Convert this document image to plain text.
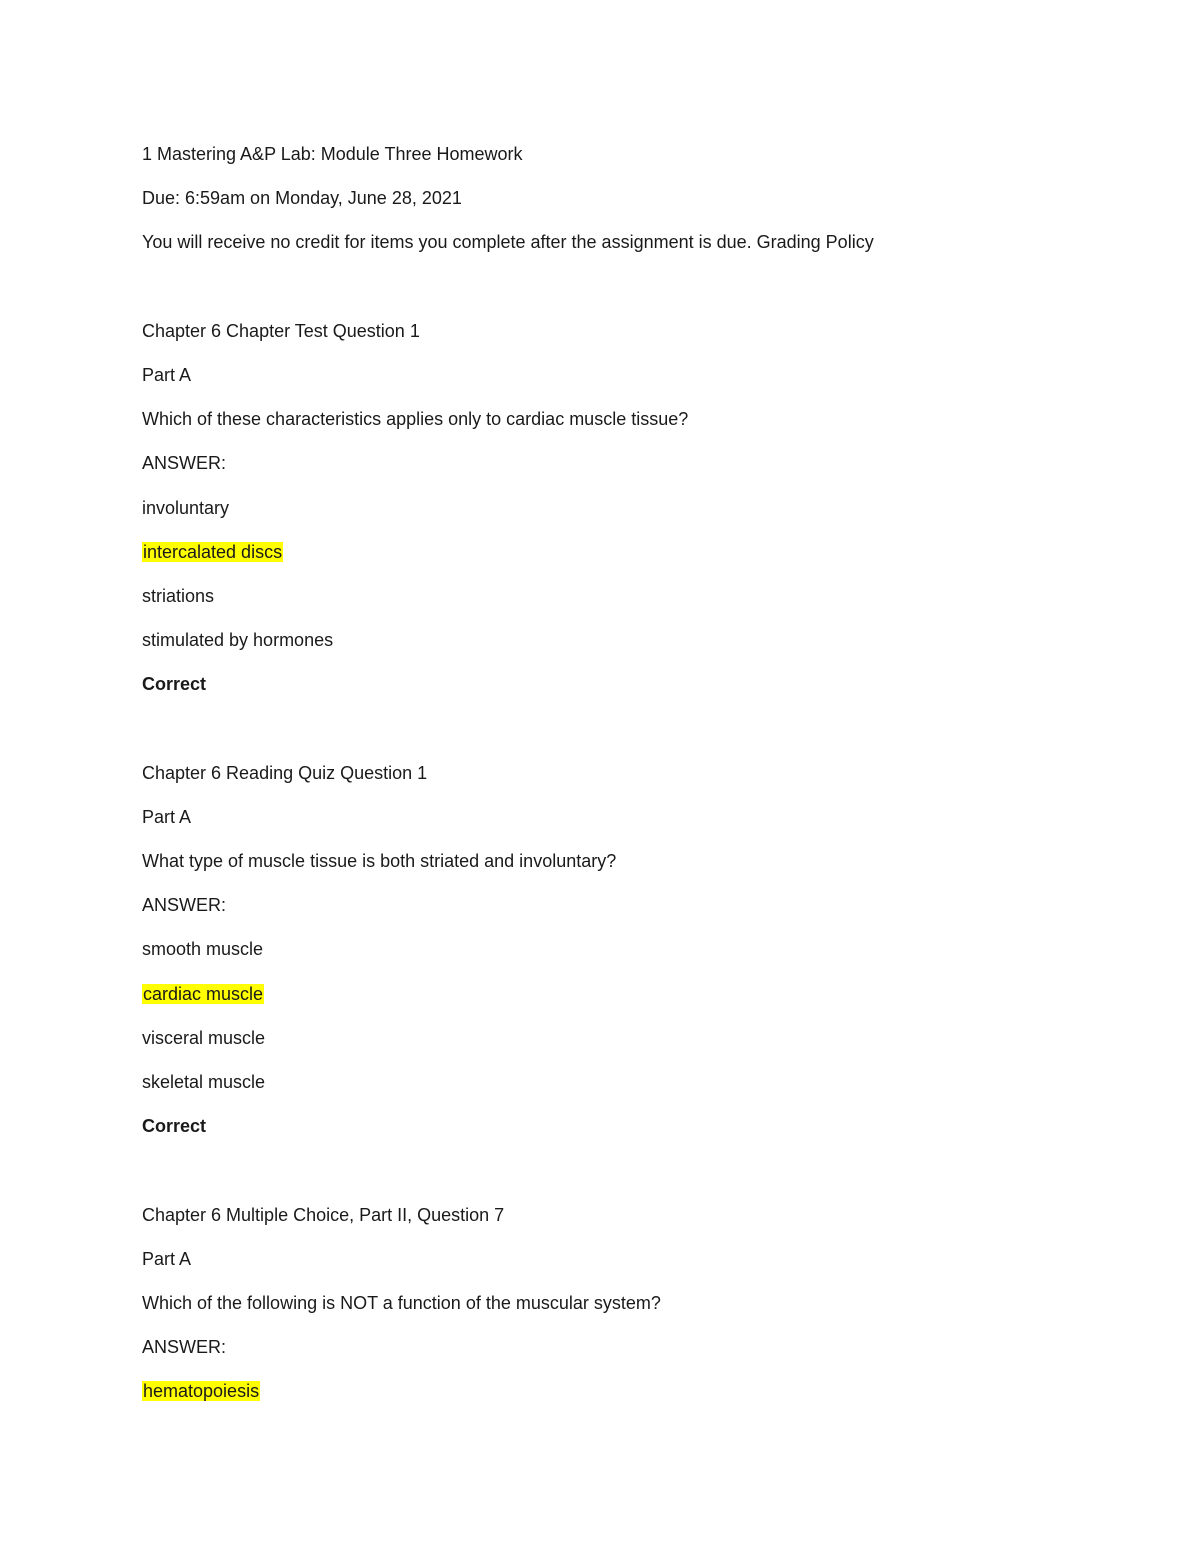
1 Mastering A&P Lab: Module Three Homework
Due: 6:59am on Monday, June 28, 2021
You will receive no credit for items you complete after the assignment is due. Grading Policy
Chapter 6 Chapter Test Question 1
Part A
Which of these characteristics applies only to cardiac muscle tissue?
ANSWER:
involuntary
intercalated discs
striations
stimulated by hormones
Correct
Chapter 6 Reading Quiz Question 1
Part A
What type of muscle tissue is both striated and involuntary?
ANSWER:
smooth muscle
cardiac muscle
visceral muscle
skeletal muscle
Correct
Chapter 6 Multiple Choice, Part II, Question 7
Part A
Which of the following is NOT a function of the muscular system?
ANSWER:
hematopoiesis
